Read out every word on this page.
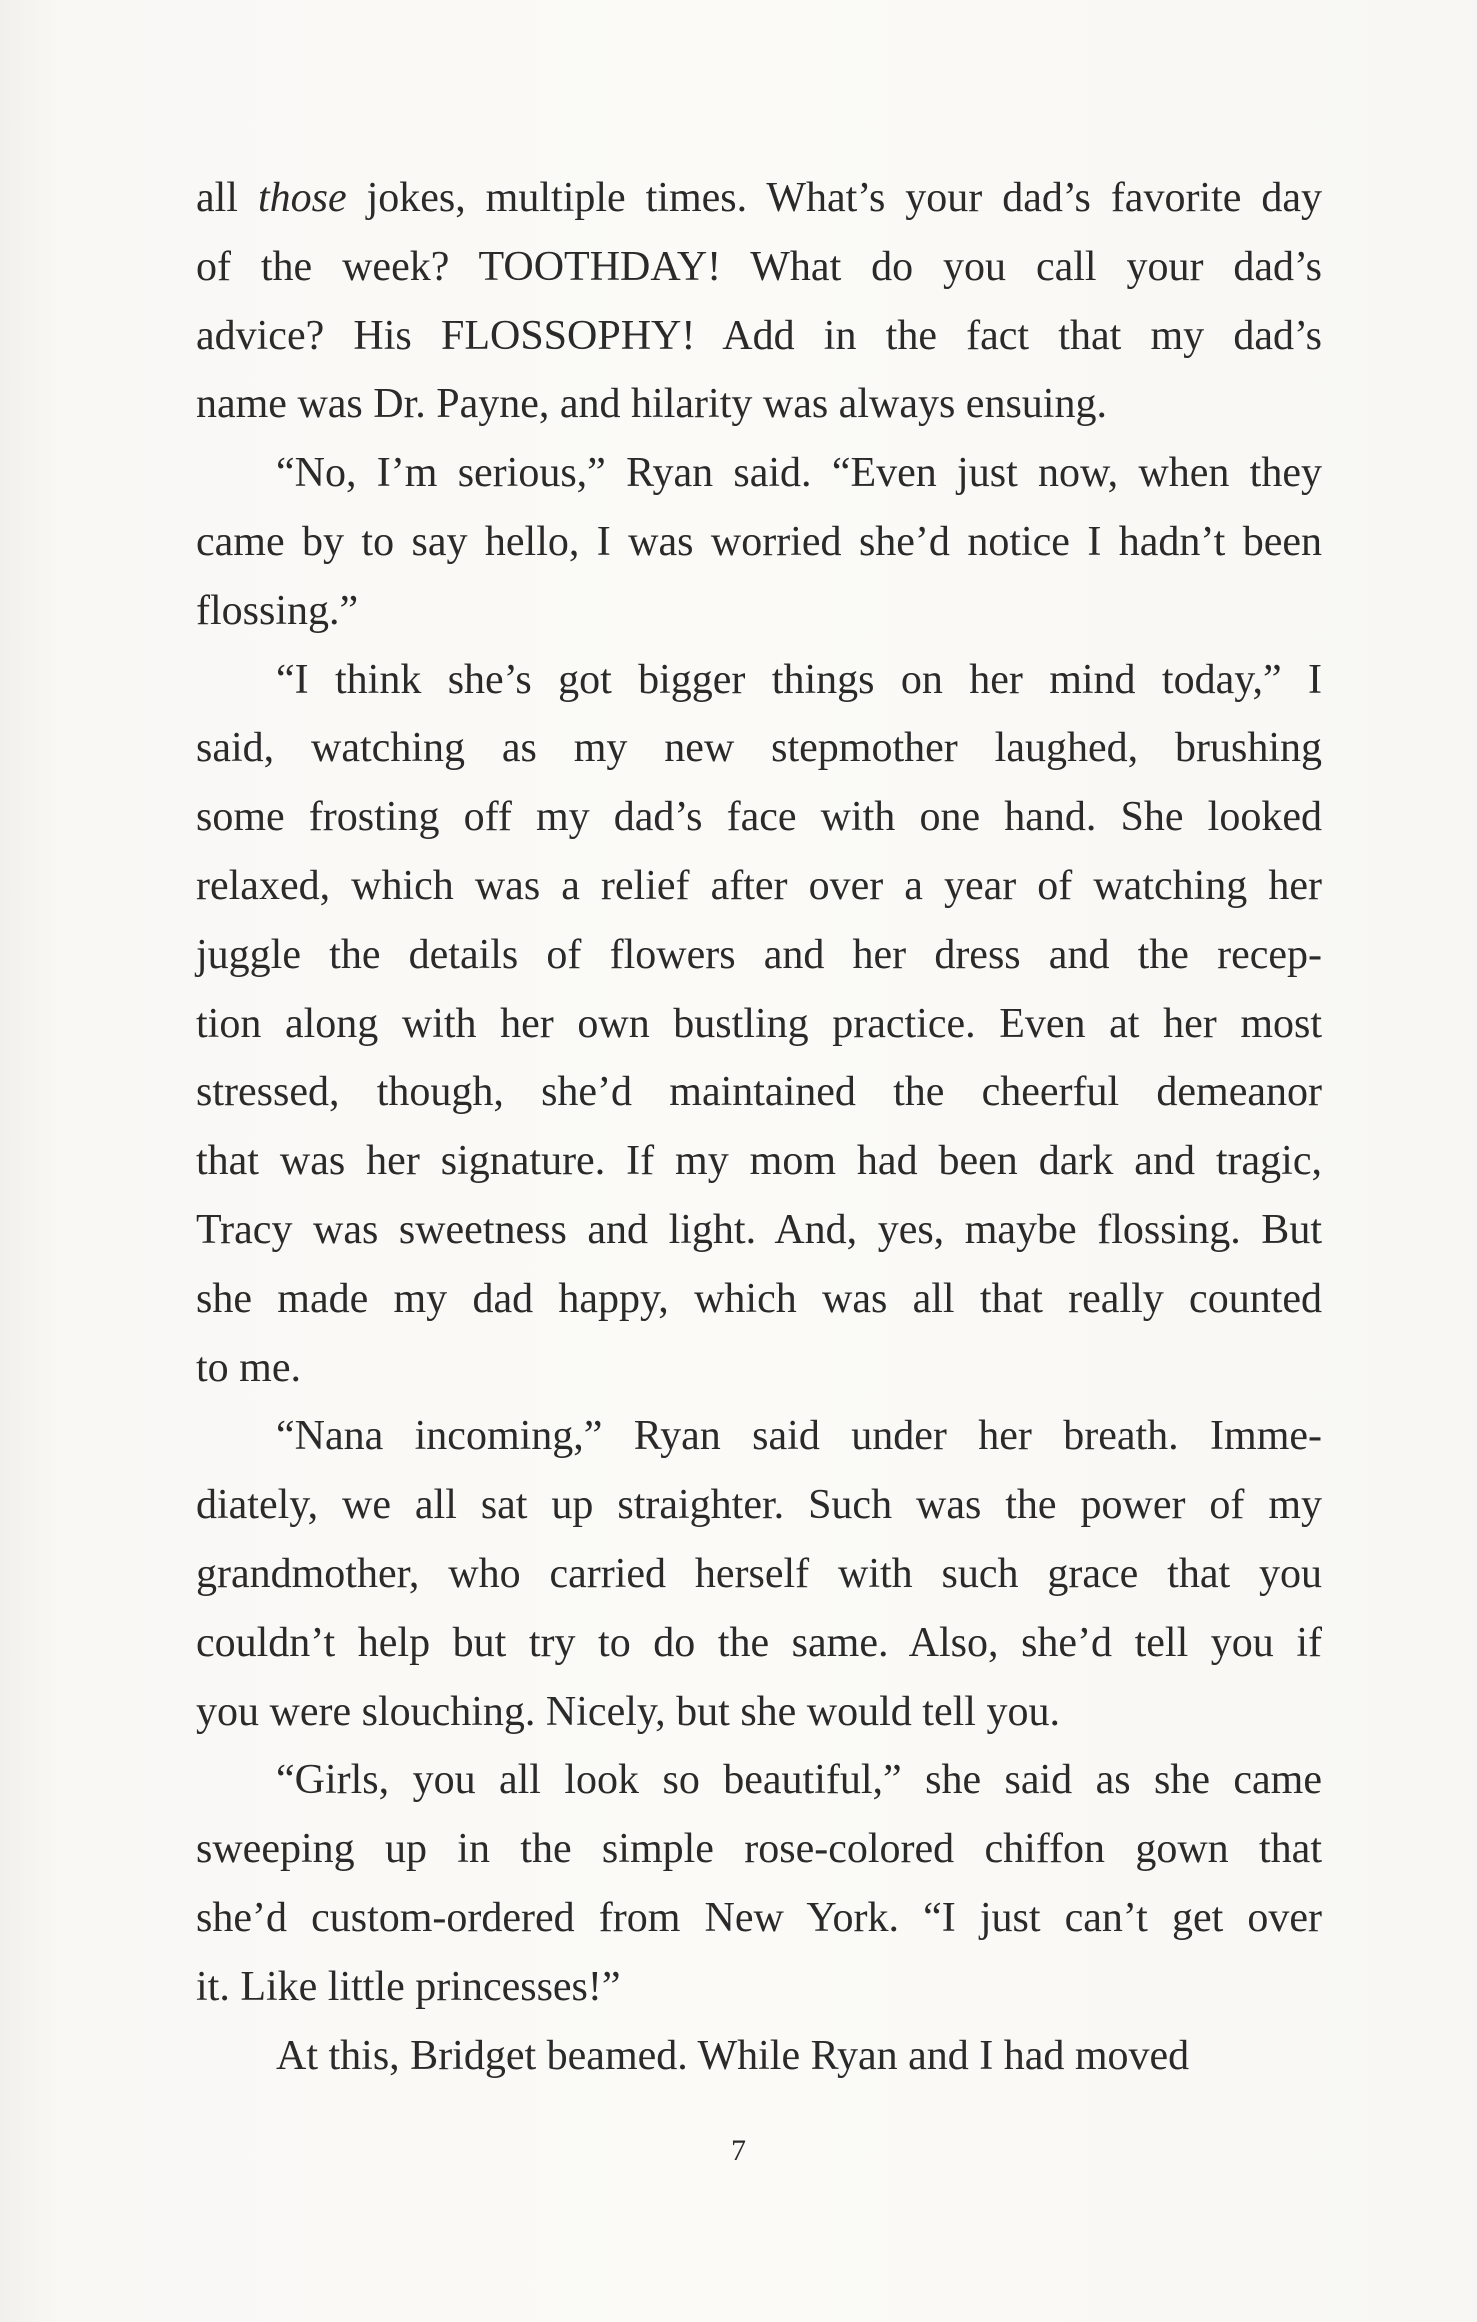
all those jokes, multiple times. What’s your dad’s favorite day
of the week? TOOTHDAY! What do you call your dad’s
advice? His FLOSSOPHY! Add in the fact that my dad’s
name was Dr. Payne, and hilarity was always ensuing.

“No, I’m serious,” Ryan said. “Even just now, when they
came by to say hello, I was worried she’d notice I hadn’t been
flossing.”

“I think she’s got bigger things on her mind today,” I
said, watching as my new stepmother laughed, brushing
some frosting off my dad’s face with one hand. She looked
relaxed, which was a relief after over a year of watching her
juggle the details of flowers and her dress and the recep-
tion along with her own bustling practice. Even at her most
stressed, though, she’d maintained the cheerful demeanor
that was her signature. If my mom had been dark and tragic,
Tracy was sweetness and light. And, yes, maybe flossing. But
she made my dad happy, which was all that really counted
to me.

“Nana incoming,” Ryan said under her breath. Imme-
diately, we all sat up straighter. Such was the power of my
grandmother, who carried herself with such grace that you
couldn’t help but try to do the same. Also, she’d tell you if
you were slouching. Nicely, but she would tell you.

“Girls, you all look so beautiful,” she said as she came
sweeping up in the simple rose-colored chiffon gown that
she’d custom-ordered from New York. “I just can’t get over
it. Like little princesses!”

At this, Bridget beamed. While Ryan and I had moved

7
